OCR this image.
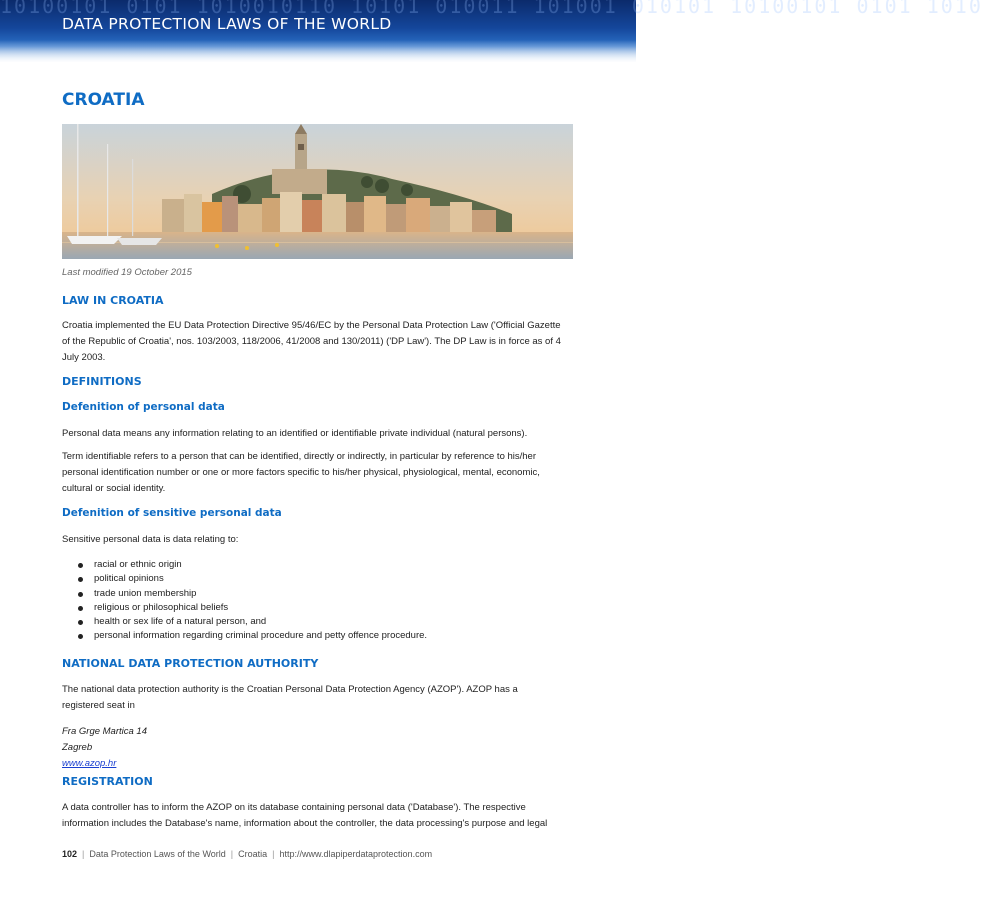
10100101 0101 1010010110 10101 010011 101001 010101 10100101 0101 1010
DATA PROTECTION LAWS OF THE WORLD
CROATIA
Last modified 19 October 2015
LAW IN CROATIA
Croatia implemented the EU Data Protection Directive 95/46/EC by the Personal Data Protection Law ('Official Gazette of the Republic of Croatia', nos. 103/2003, 118/2006, 41/2008 and 130/2011) ('DP Law'). The DP Law is in force as of 4 July 2003.
DEFINITIONS
Defenition of personal data
Personal data means any information relating to an identified or identifiable private individual (natural persons).
Term identifiable refers to a person that can be identified, directly or indirectly, in particular by reference to his/her personal identification number or one or more factors specific to his/her physical, physiological, mental, economic, cultural or social identity.
Defenition of sensitive personal data
Sensitive personal data is data relating to:
racial or ethnic origin
political opinions
trade union membership
religious or philosophical beliefs
health or sex life of a natural person, and
personal information regarding criminal procedure and petty offence procedure.
NATIONAL DATA PROTECTION AUTHORITY
The national data protection authority is the Croatian Personal Data Protection Agency (AZOP'). AZOP has a registered seat in
Fra Grge Martica 14
Zagreb
www.azop.hr
REGISTRATION
A data controller has to inform the AZOP on its database containing personal data ('Database'). The respective information includes the Database's name, information about the controller, the data processing's purpose and legal
102 | Data Protection Laws of the World | Croatia | http://www.dlapiperdataprotection.com
